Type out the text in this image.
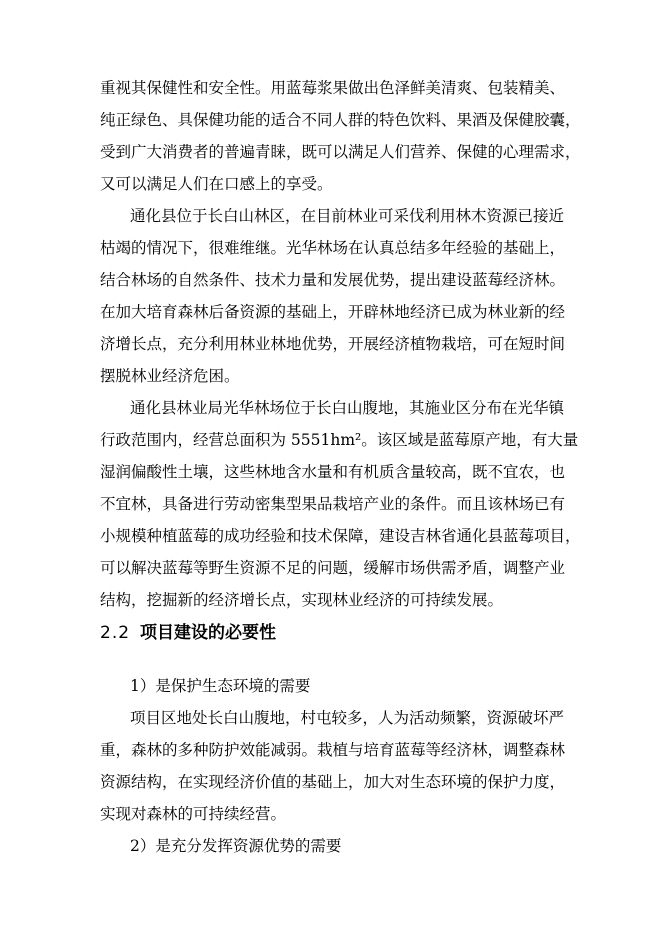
重视其保健性和安全性。用蓝莓浆果做出色泽鲜美清爽、包装精美、
纯正绿色、具保健功能的适合不同人群的特色饮料、果酒及保健胶囊，
受到广大消费者的普遍青睐，既可以满足人们营养、保健的心理需求，
又可以满足人们在口感上的享受。
通化县位于长白山林区，在目前林业可采伐利用林木资源已接近
枯竭的情况下，很难维继。光华林场在认真总结多年经验的基础上，
结合林场的自然条件、技术力量和发展优势，提出建设蓝莓经济林。
在加大培育森林后备资源的基础上，开辟林地经济已成为林业新的经
济增长点，充分利用林业林地优势，开展经济植物栽培，可在短时间
摆脱林业经济危困。
通化县林业局光华林场位于长白山腹地，其施业区分布在光华镇
行政范围内，经营总面积为 5551hm²。该区域是蓝莓原产地，有大量
湿润偏酸性土壤，这些林地含水量和有机质含量较高，既不宜农，也
不宜林，具备进行劳动密集型果品栽培产业的条件。而且该林场已有
小规模种植蓝莓的成功经验和技术保障，建设吉林省通化县蓝莓项目，
可以解决蓝莓等野生资源不足的问题，缓解市场供需矛盾，调整产业
结构，挖掘新的经济增长点，实现林业经济的可持续发展。
2.2 项目建设的必要性
1）是保护生态环境的需要
项目区地处长白山腹地，村屯较多，人为活动频繁，资源破坏严
重，森林的多种防护效能减弱。栽植与培育蓝莓等经济林，调整森林
资源结构，在实现经济价值的基础上，加大对生态环境的保护力度，
实现对森林的可持续经营。
2）是充分发挥资源优势的需要
